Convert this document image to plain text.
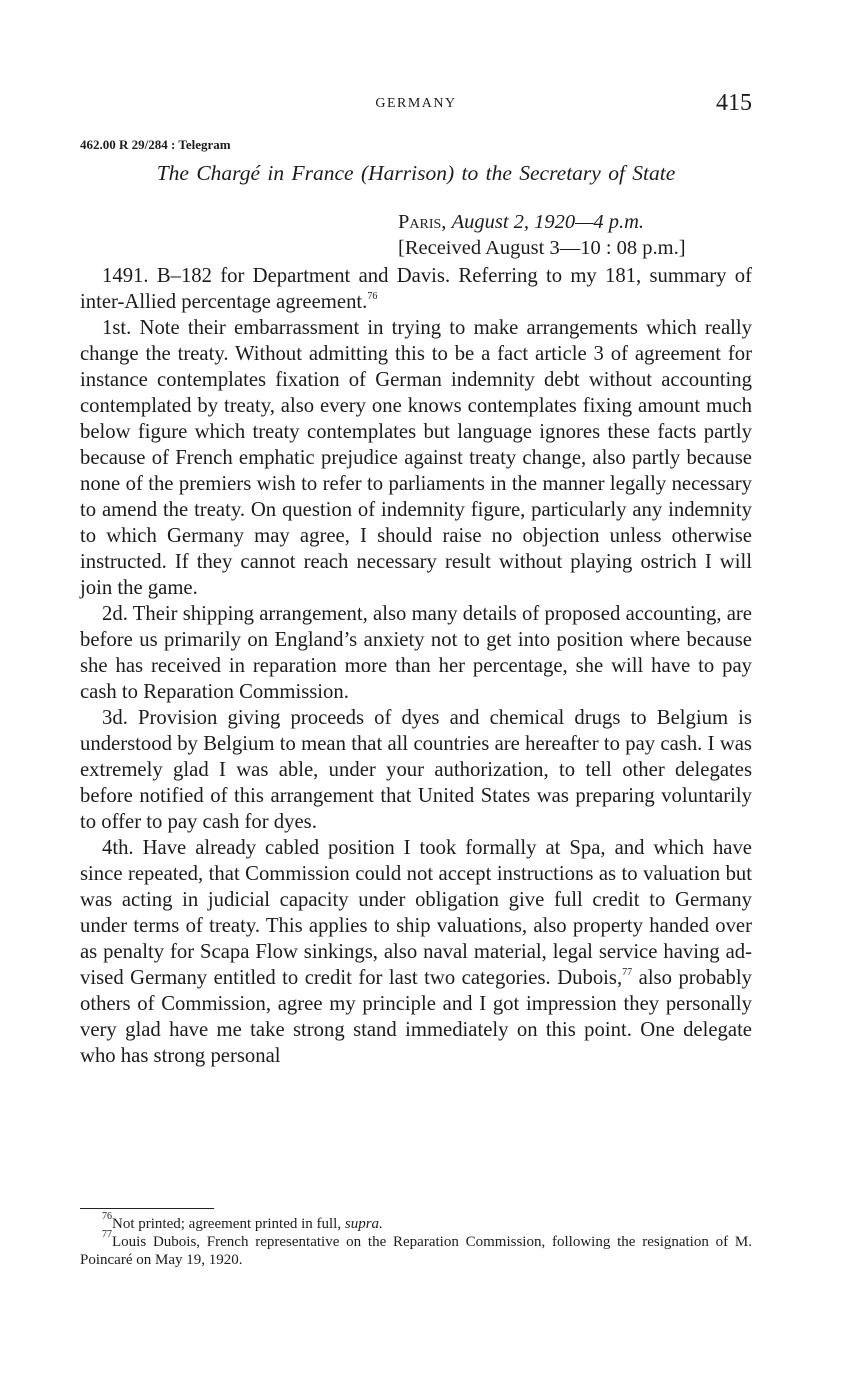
GERMANY	415
462.00 R 29/284 : Telegram
The Chargé in France (Harrison) to the Secretary of State
Paris, August 2, 1920—4 p.m.
[Received August 3—10 : 08 p.m.]

1491. B–182 for Department and Davis. Referring to my 181, summary of inter-Allied percentage agreement.$^{76}$

1st. Note their embarrassment in trying to make arrangements which really change the treaty. Without admitting this to be a fact article 3 of agreement for instance contemplates fixation of German indemnity debt without accounting contemplated by treaty, also every one knows contemplates fixing amount much below figure which treaty contemplates but language ignores these facts partly because of French emphatic prejudice against treaty change, also partly because none of the premiers wish to refer to parliaments in the manner legally necessary to amend the treaty. On question of indemnity figure, particularly any indemnity to which Germany may agree, I should raise no objection unless otherwise instructed. If they cannot reach necessary result without playing ostrich I will join the game.

2d. Their shipping arrangement, also many details of proposed accounting, are before us primarily on England’s anxiety not to get into position where because she has received in reparation more than her percentage, she will have to pay cash to Reparation Commission.

3d. Provision giving proceeds of dyes and chemical drugs to Belgium is understood by Belgium to mean that all countries are hereafter to pay cash. I was extremely glad I was able, under your authorization, to tell other delegates before notified of this arrangement that United States was preparing voluntarily to offer to pay cash for dyes.

4th. Have already cabled position I took formally at Spa, and which have since repeated, that Commission could not accept instructions as to valuation but was acting in judicial capacity under obligation give full credit to Germany under terms of treaty. This applies to ship valuations, also property handed over as penalty for Scapa Flow sinkings, also naval material, legal service having advised Germany entitled to credit for last two categories. Dubois,$^{77}$ also probably others of Commission, agree my principle and I got impression they personally very glad have me take strong stand immediately on this point. One delegate who has strong personal

$^{76}$Not printed; agreement printed in full, supra.

$^{77}$Louis Dubois, French representative on the Reparation Commission, following the resignation of M. Poincaré on May 19, 1920.
